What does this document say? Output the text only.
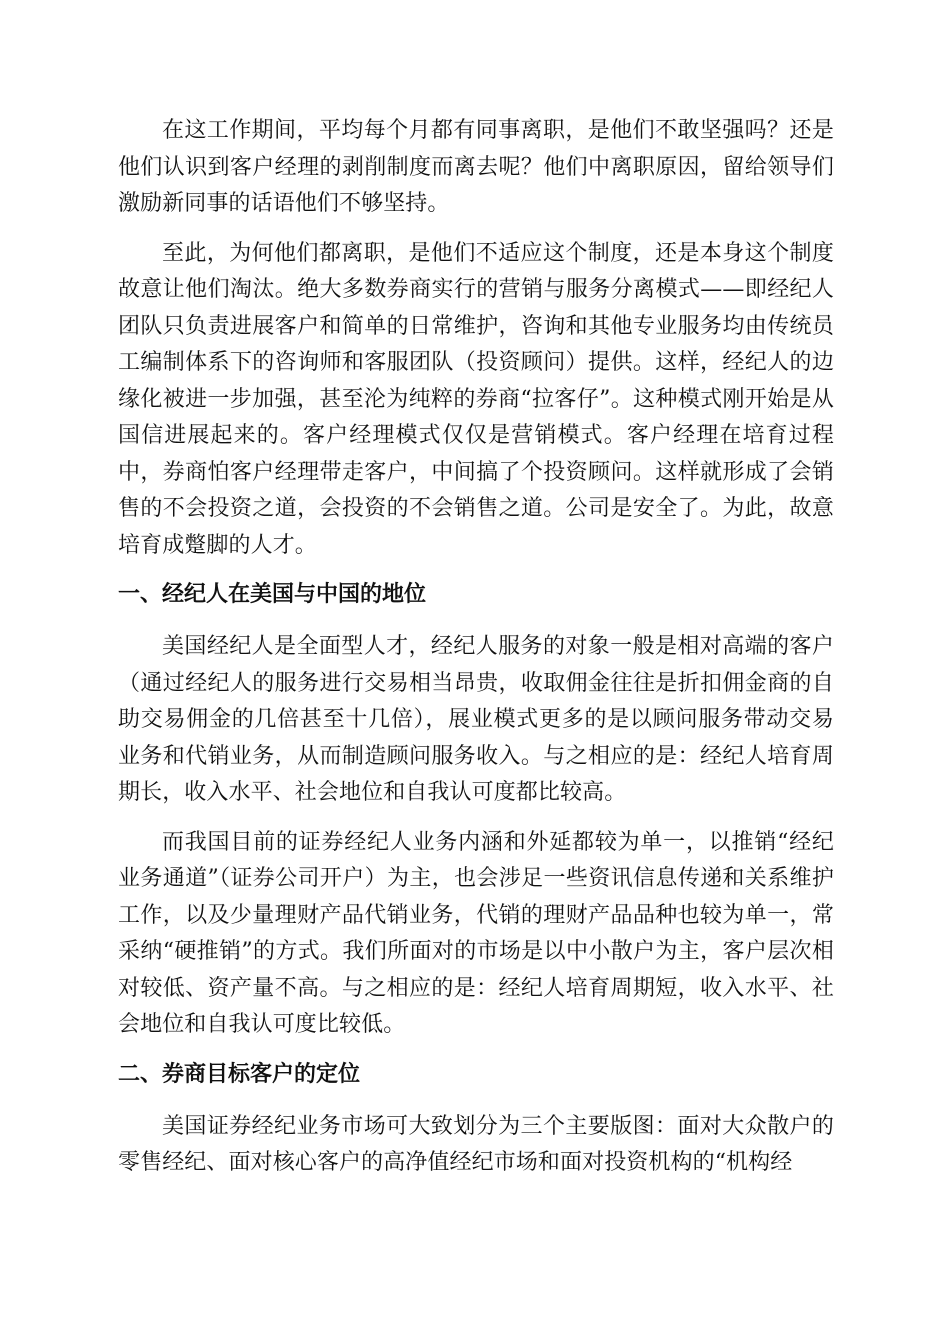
在这工作期间，平均每个月都有同事离职，是他们不敢坚强吗？还是他们认识到客户经理的剥削制度而离去呢？他们中离职原因，留给领导们激励新同事的话语他们不够坚持。

至此，为何他们都离职，是他们不适应这个制度，还是本身这个制度故意让他们淘汰。绝大多数券商实行的营销与服务分离模式——即经纪人团队只负责进展客户和简单的日常维护，咨询和其他专业服务均由传统员工编制体系下的咨询师和客服团队（投资顾问）提供。这样，经纪人的边缘化被进一步加强，甚至沦为纯粹的券商“拉客仔”。这种模式刚开始是从国信进展起来的。客户经理模式仅仅是营销模式。客户经理在培育过程中，券商怕客户经理带走客户，中间搞了个投资顾问。这样就形成了会销售的不会投资之道，会投资的不会销售之道。公司是安全了。为此，故意培育成蹩脚的人才。

一、经纪人在美国与中国的地位

美国经纪人是全面型人才，经纪人服务的对象一般是相对高端的客户（通过经纪人的服务进行交易相当昂贵，收取佣金往往是折扣佣金商的自助交易佣金的几倍甚至十几倍），展业模式更多的是以顾问服务带动交易业务和代销业务，从而制造顾问服务收入。与之相应的是：经纪人培育周期长，收入水平、社会地位和自我认可度都比较高。

而我国目前的证券经纪人业务内涵和外延都较为单一，以推销“经纪业务通道”（证券公司开户）为主，也会涉足一些资讯信息传递和关系维护工作，以及少量理财产品代销业务，代销的理财产品品种也较为单一，常采纳“硬推销”的方式。我们所面对的市场是以中小散户为主，客户层次相对较低、资产量不高。与之相应的是：经纪人培育周期短，收入水平、社会地位和自我认可度比较低。

二、券商目标客户的定位

美国证券经纪业务市场可大致划分为三个主要版图：面对大众散户的零售经纪、面对核心客户的高净值经纪市场和面对投资机构的“机构经
